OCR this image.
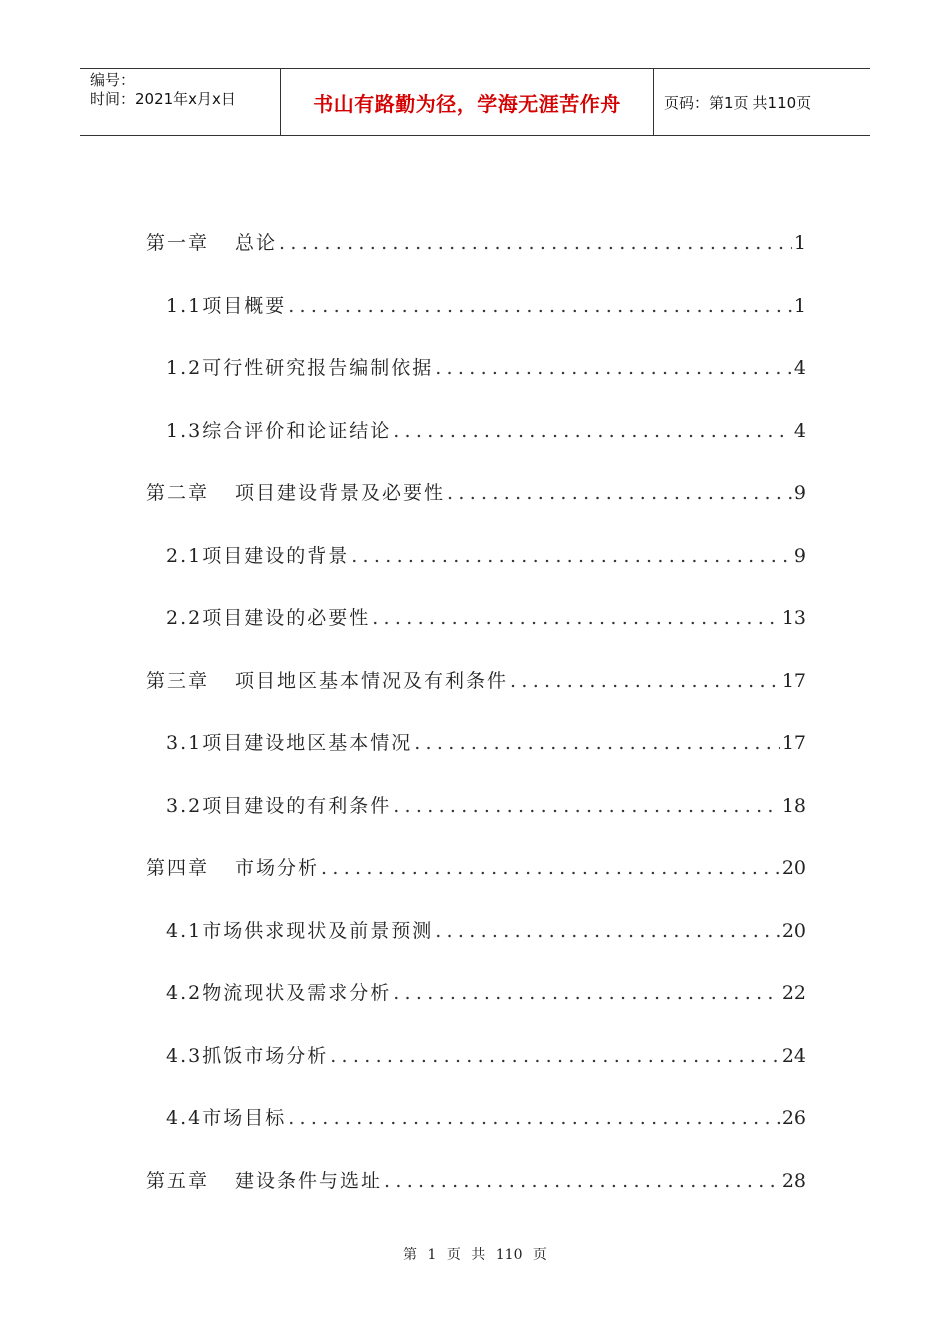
编号：
时间：2021年x月x日	书山有路勤为径，学海无涯苦作舟	页码：第1页 共110页
第一章 总论 .....	1
1.1项目概要 .....	1
1.2可行性研究报告编制依据 .....	4
1.3综合评价和论证结论 .....	4
第二章 项目建设背景及必要性 .....	9
2.1项目建设的背景 .....	9
2.2项目建设的必要性 .....	13
第三章 项目地区基本情况及有利条件 .....	17
3.1项目建设地区基本情况 .....	17
3.2项目建设的有利条件 .....	18
第四章 市场分析 .....	20
4.1市场供求现状及前景预测 .....	20
4.2物流现状及需求分析 .....	22
4.3抓饭市场分析 .....	24
4.4市场目标 .....	26
第五章 建设条件与选址 .....	28
第 1 页 共 110 页
